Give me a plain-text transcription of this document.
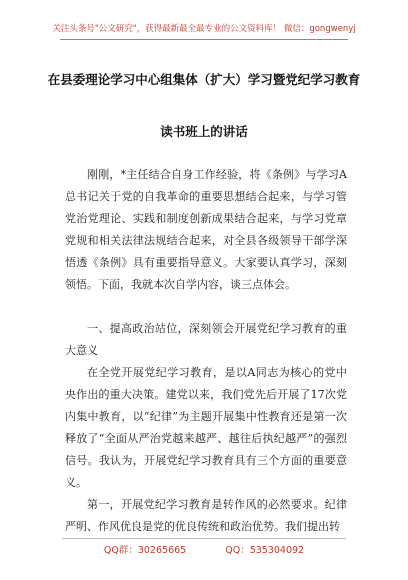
关注头条号"公文研究"，获得最新最全最专业的公文资料库！ 微信：gongwenyj
在县委理论学习中心组集体（扩大）学习暨党纪学习教育
读书班上的讲话
刚刚，*主任结合自身工作经验，将《条例》与学习A总书记关于党的自我革命的重要思想结合起来，与学习管党治党理论、实践和制度创新成果结合起来，与学习党章党规和相关法律法规结合起来，对全县各级领导干部学深悟透《条例》具有重要指导意义。大家要认真学习，深刻领悟。下面，我就本次自学内容，谈三点体会。
一、提高政治站位，深刻领会开展党纪学习教育的重大意义
在全党开展党纪学习教育，是以A同志为核心的党中央作出的重大决策。建党以来，我们党先后开展了17次党内集中教育，以“纪律”为主题开展集中性教育还是第一次释放了“全面从严治党越来越严、越往后执纪越严”的强烈信号。我认为，开展党纪学习教育具有三个方面的重要意义。
第一，开展党纪学习教育是转作风的必然要求。纪律严明、作风优良是党的优良传统和政治优势。我们提出转
QQ群：30265665	QQ：535304092
